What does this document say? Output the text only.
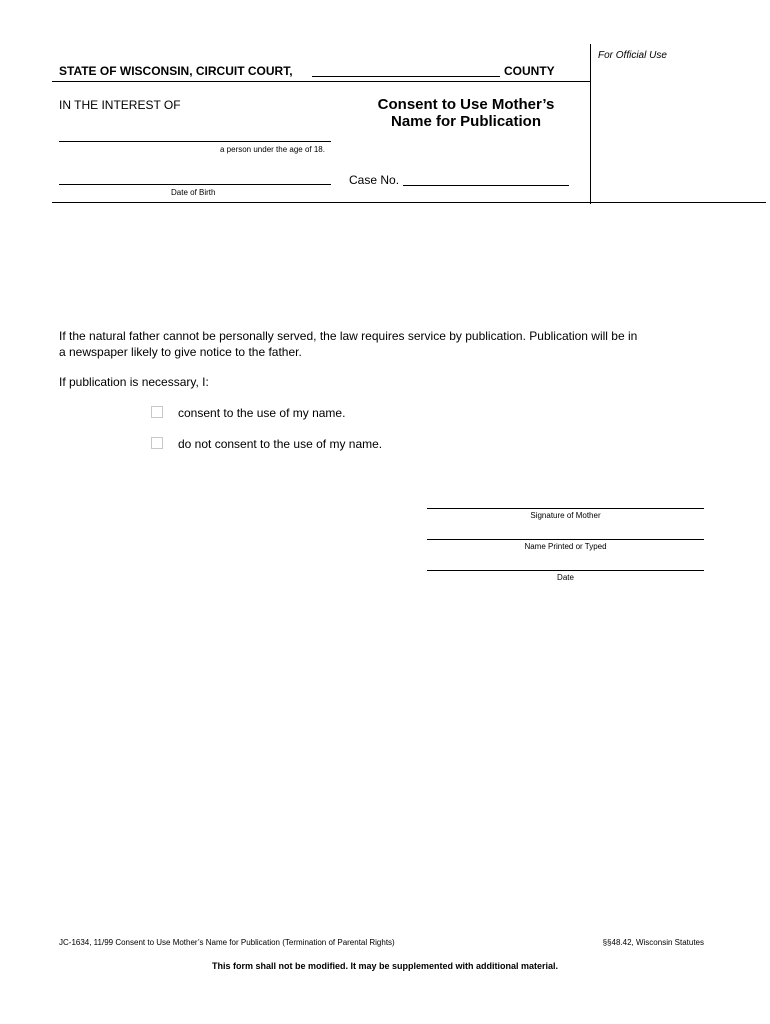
For Official Use
STATE OF WISCONSIN, CIRCUIT COURT,	COUNTY
IN THE INTEREST OF	Consent to Use Mother’s
Name for Publication
a person under the age of 18.
Date of Birth
Case No.
If the natural father cannot be personally served, the law requires service by publication. Publication will be in
a newspaper likely to give notice to the father.
If publication is necessary, I:
consent to the use of my name.
do not consent to the use of my name.
Signature of Mother
Name Printed or Typed
Date
JC-1634, 11/99 Consent to Use Mother’s Name for Publication (Termination of Parental Rights)	§§48.42, Wisconsin Statutes
This form shall not be modified. It may be supplemented with additional material.
